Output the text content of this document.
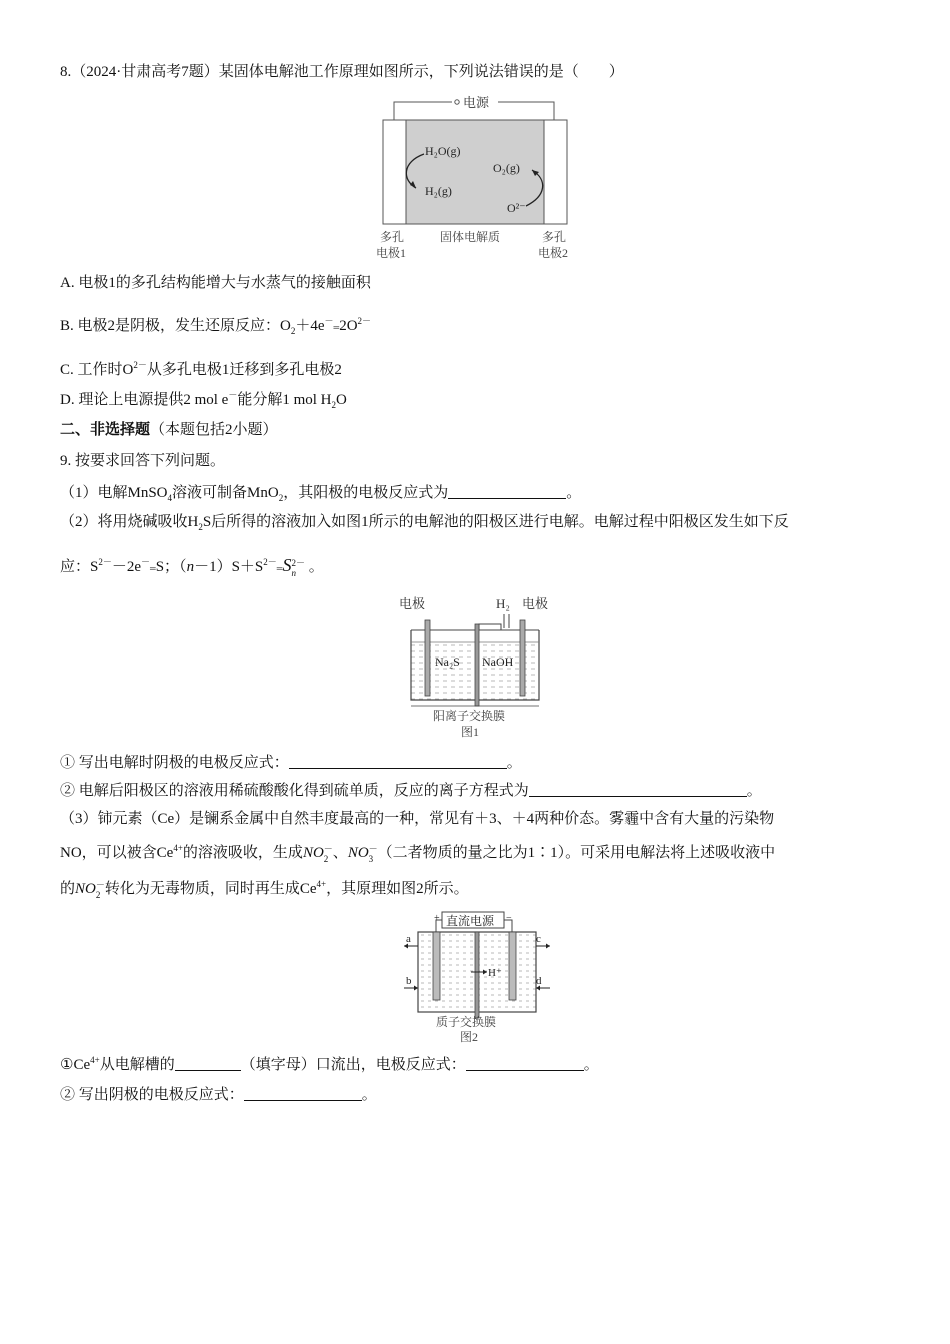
8.（2024·甘肃高考7题）某固体电解池工作原理如图所示，下列说法错误的是（　　）
电源
H₂O(g)
H₂(g)
O₂(g)
O²⁻
多孔
电极1
固体电解质	多孔
电极2
A. 电极1的多孔结构能增大与水蒸气的接触面积
B. 电极2是阴极，发生还原反应：$O_2+4e^-═2O^{2-}$
C. 工作时$O^{2-}$从多孔电极1迁移到多孔电极2
D. 理论上电源提供2 mol e－能分解1 mol $H_2O$
二、非选择题（本题包括2小题）
9. 按要求回答下列问题。
（1）电解MnSO$_4$溶液可制备MnO$_2$，其阳极的电极反应式为	。
（2）将用烧碱吸收$H_2S$后所得的溶液加入如图1所示的电解池的阳极区进行电解。电解过程中阳极区发生如下反
应：$S^{2-}-2e^-═S$；$(n-1)S+S^{2-}═S$ 2－
n 。
电极	电极
H₂
Na₂S NaOH
阳离子交换膜
图1
① 写出电解时阴极的电极反应式：	。
② 电解后阳极区的溶液用稀硫酸酸化得到硫单质，反应的离子方程式为	。
（3）铈元素（Ce）是镧系金属中自然丰度最高的一种，常见有＋3、＋4两种价态。雾霾中含有大量的污染物
NO，可以被含$Ce^{4+}$的溶液吸收，生成NO －
2 、NO －
3 （二者物质的量之比为1∶1）。可采用电解法将上述吸收液中
的NO －
2 转化为无毒物质，同时再生成$Ce^{4+}$，其原理如图2所示。
直流电源
+	−
H⁺
a
b
c
d
质子交换膜
图2
$①Ce^{4+}$从电解槽的	（填字母）口流出，电极反应式：	。
② 写出阴极的电极反应式：	。
